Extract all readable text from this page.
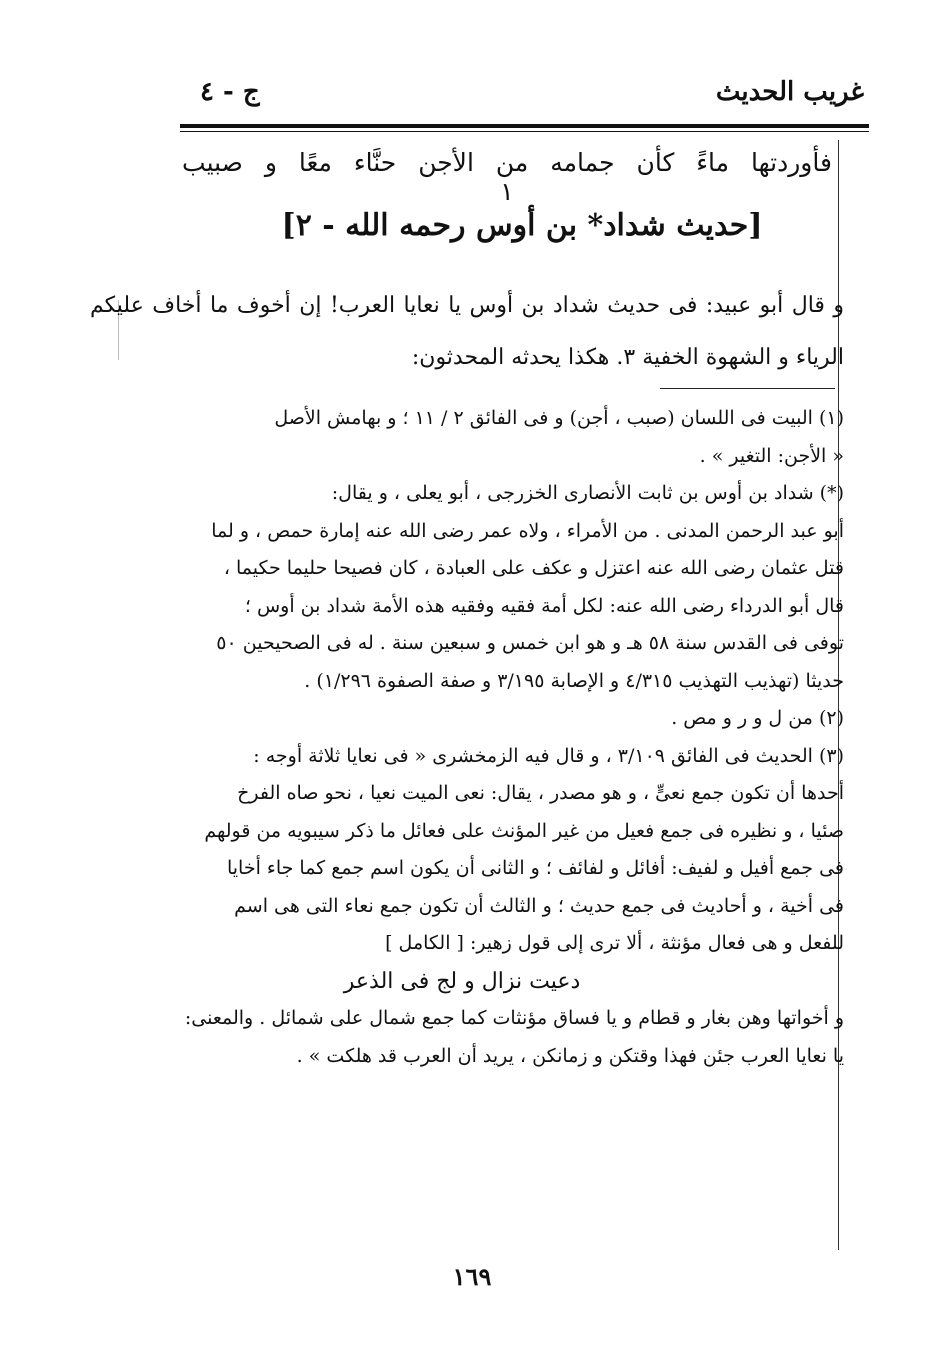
غريب الحديث
ج - ٤
فأوردتها ماءً كأن جمامه من الأجن حنَّاء معًا و صبيب ١
[حديث شداد* بن أوس رحمه الله - ٢]
و قال أبو عبيد: فى حديث شداد بن أوس يا نعايا العرب! إن أخوف ما أخاف عليكم الرياء و الشهوة الخفية ٣. هكذا يحدثه المحدثون:

(١) البيت فى اللسان (صبب ، أجن) و فى الفائق ٢ / ١١ ؛ و بهامش الأصل

« الأجن: التغير » .

(*) شداد بن أوس بن ثابت الأنصارى الخزرجى ، أبو يعلى ، و يقال:

أبو عبد الرحمن المدنى . من الأمراء ، ولاه عمر رضى الله عنه إمارة حمص ، و لما

قتل عثمان رضى الله عنه اعتزل و عكف على العبادة ، كان فصيحا حليما حكيما ،

قال أبو الدرداء رضى الله عنه: لكل أمة فقيه وفقيه هذه الأمة شداد بن أوس ؛

توفى فى القدس سنة ٥٨ هـ و هو ابن خمس و سبعين سنة . له فى الصحيحين ٥٠

حديثا (تهذيب التهذيب ٤/٣١٥ و الإصابة ٣/١٩٥ و صفة الصفوة ١/٢٩٦) .

(٢) من ل و ر و مص .

(٣) الحديث فى الفائق ٣/١٠٩ ، و قال فيه الزمخشرى « فى نعايا ثلاثة أوجه :

أحدها أن تكون جمع نعىٍّ ، و هو مصدر ، يقال: نعى الميت نعيا ، نحو صاه الفرخ

صئيا ، و نظيره فى جمع فعيل من غير المؤنث على فعائل ما ذكر سيبويه من قولهم

فى جمع أفيل و لفيف: أفائل و لفائف ؛ و الثانى أن يكون اسم جمع كما جاء أخايا

فى أخية ، و أحاديث فى جمع حديث ؛ و الثالث أن تكون جمع نعاء التى هى اسم

للفعل و هى فعال مؤنثة ، ألا ترى إلى قول زهير: [ الكامل ]

دعيت نزال و لج فى الذعر

و أخواتها وهن بغار و قطام و يا فساق مؤنثات كما جمع شمال على شمائل . والمعنى:

يا نعايا العرب جئن فهذا وقتكن و زمانكن ، يريد أن العرب قد هلكت » .

١٦٩
